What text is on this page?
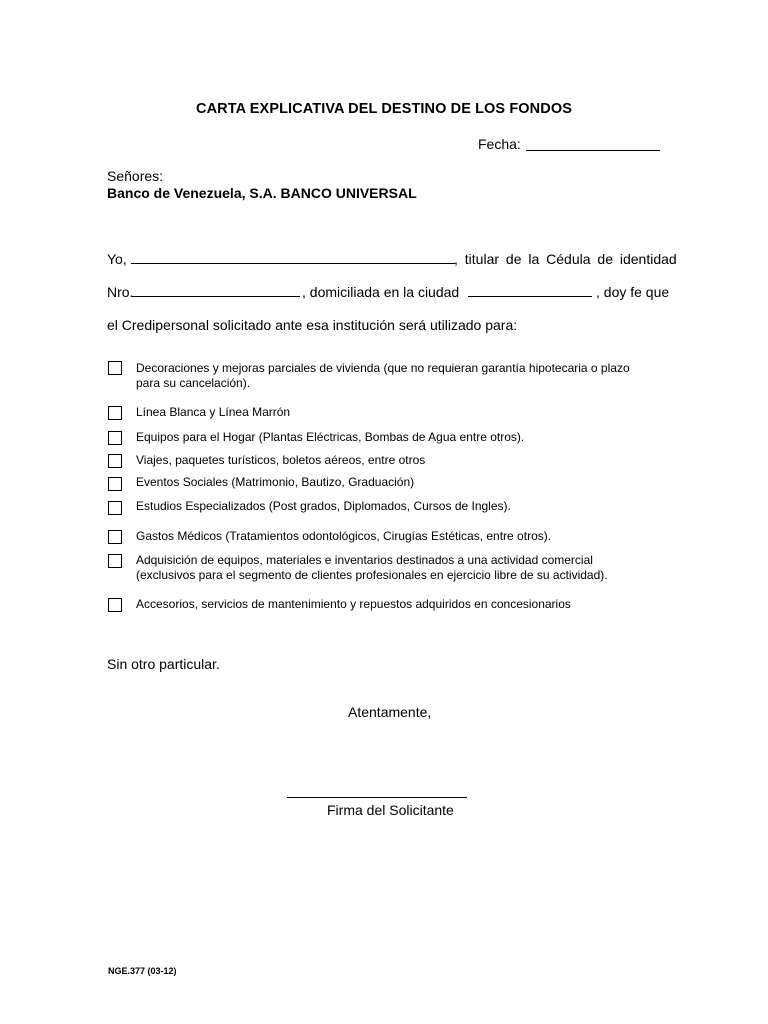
CARTA EXPLICATIVA DEL DESTINO DE LOS FONDOS
Fecha:
Señores:
Banco de Venezuela, S.A. BANCO UNIVERSAL
Yo,	, titular de la Cédula de identidad
Nro.	, domiciliada en la ciudad	, doy fe que
el Credipersonal solicitado ante esa institución será utilizado para:
Decoraciones y mejoras parciales de vivienda (que no requieran garantía hipotecaria o plazo
para su cancelación).
Línea Blanca y Línea Marrón
Equipos para el Hogar (Plantas Eléctricas, Bombas de Agua entre otros).
Viajes, paquetes turísticos, boletos aéreos, entre otros
Eventos Sociales (Matrimonio, Bautizo, Graduación)
Estudios Especializados (Post grados, Diplomados, Cursos de Ingles).
Gastos Médicos (Tratamientos odontológicos, Cirugías Estéticas, entre otros).
Adquisición de equipos, materiales e inventarios destinados a una actividad comercial
(exclusivos para el segmento de clientes profesionales en ejercicio libre de su actividad).
Accesorios, servicios de mantenimiento y repuestos adquiridos en concesionarios
Sin otro particular.
Atentamente,
Firma del Solicitante
NGE.377 (03-12)
